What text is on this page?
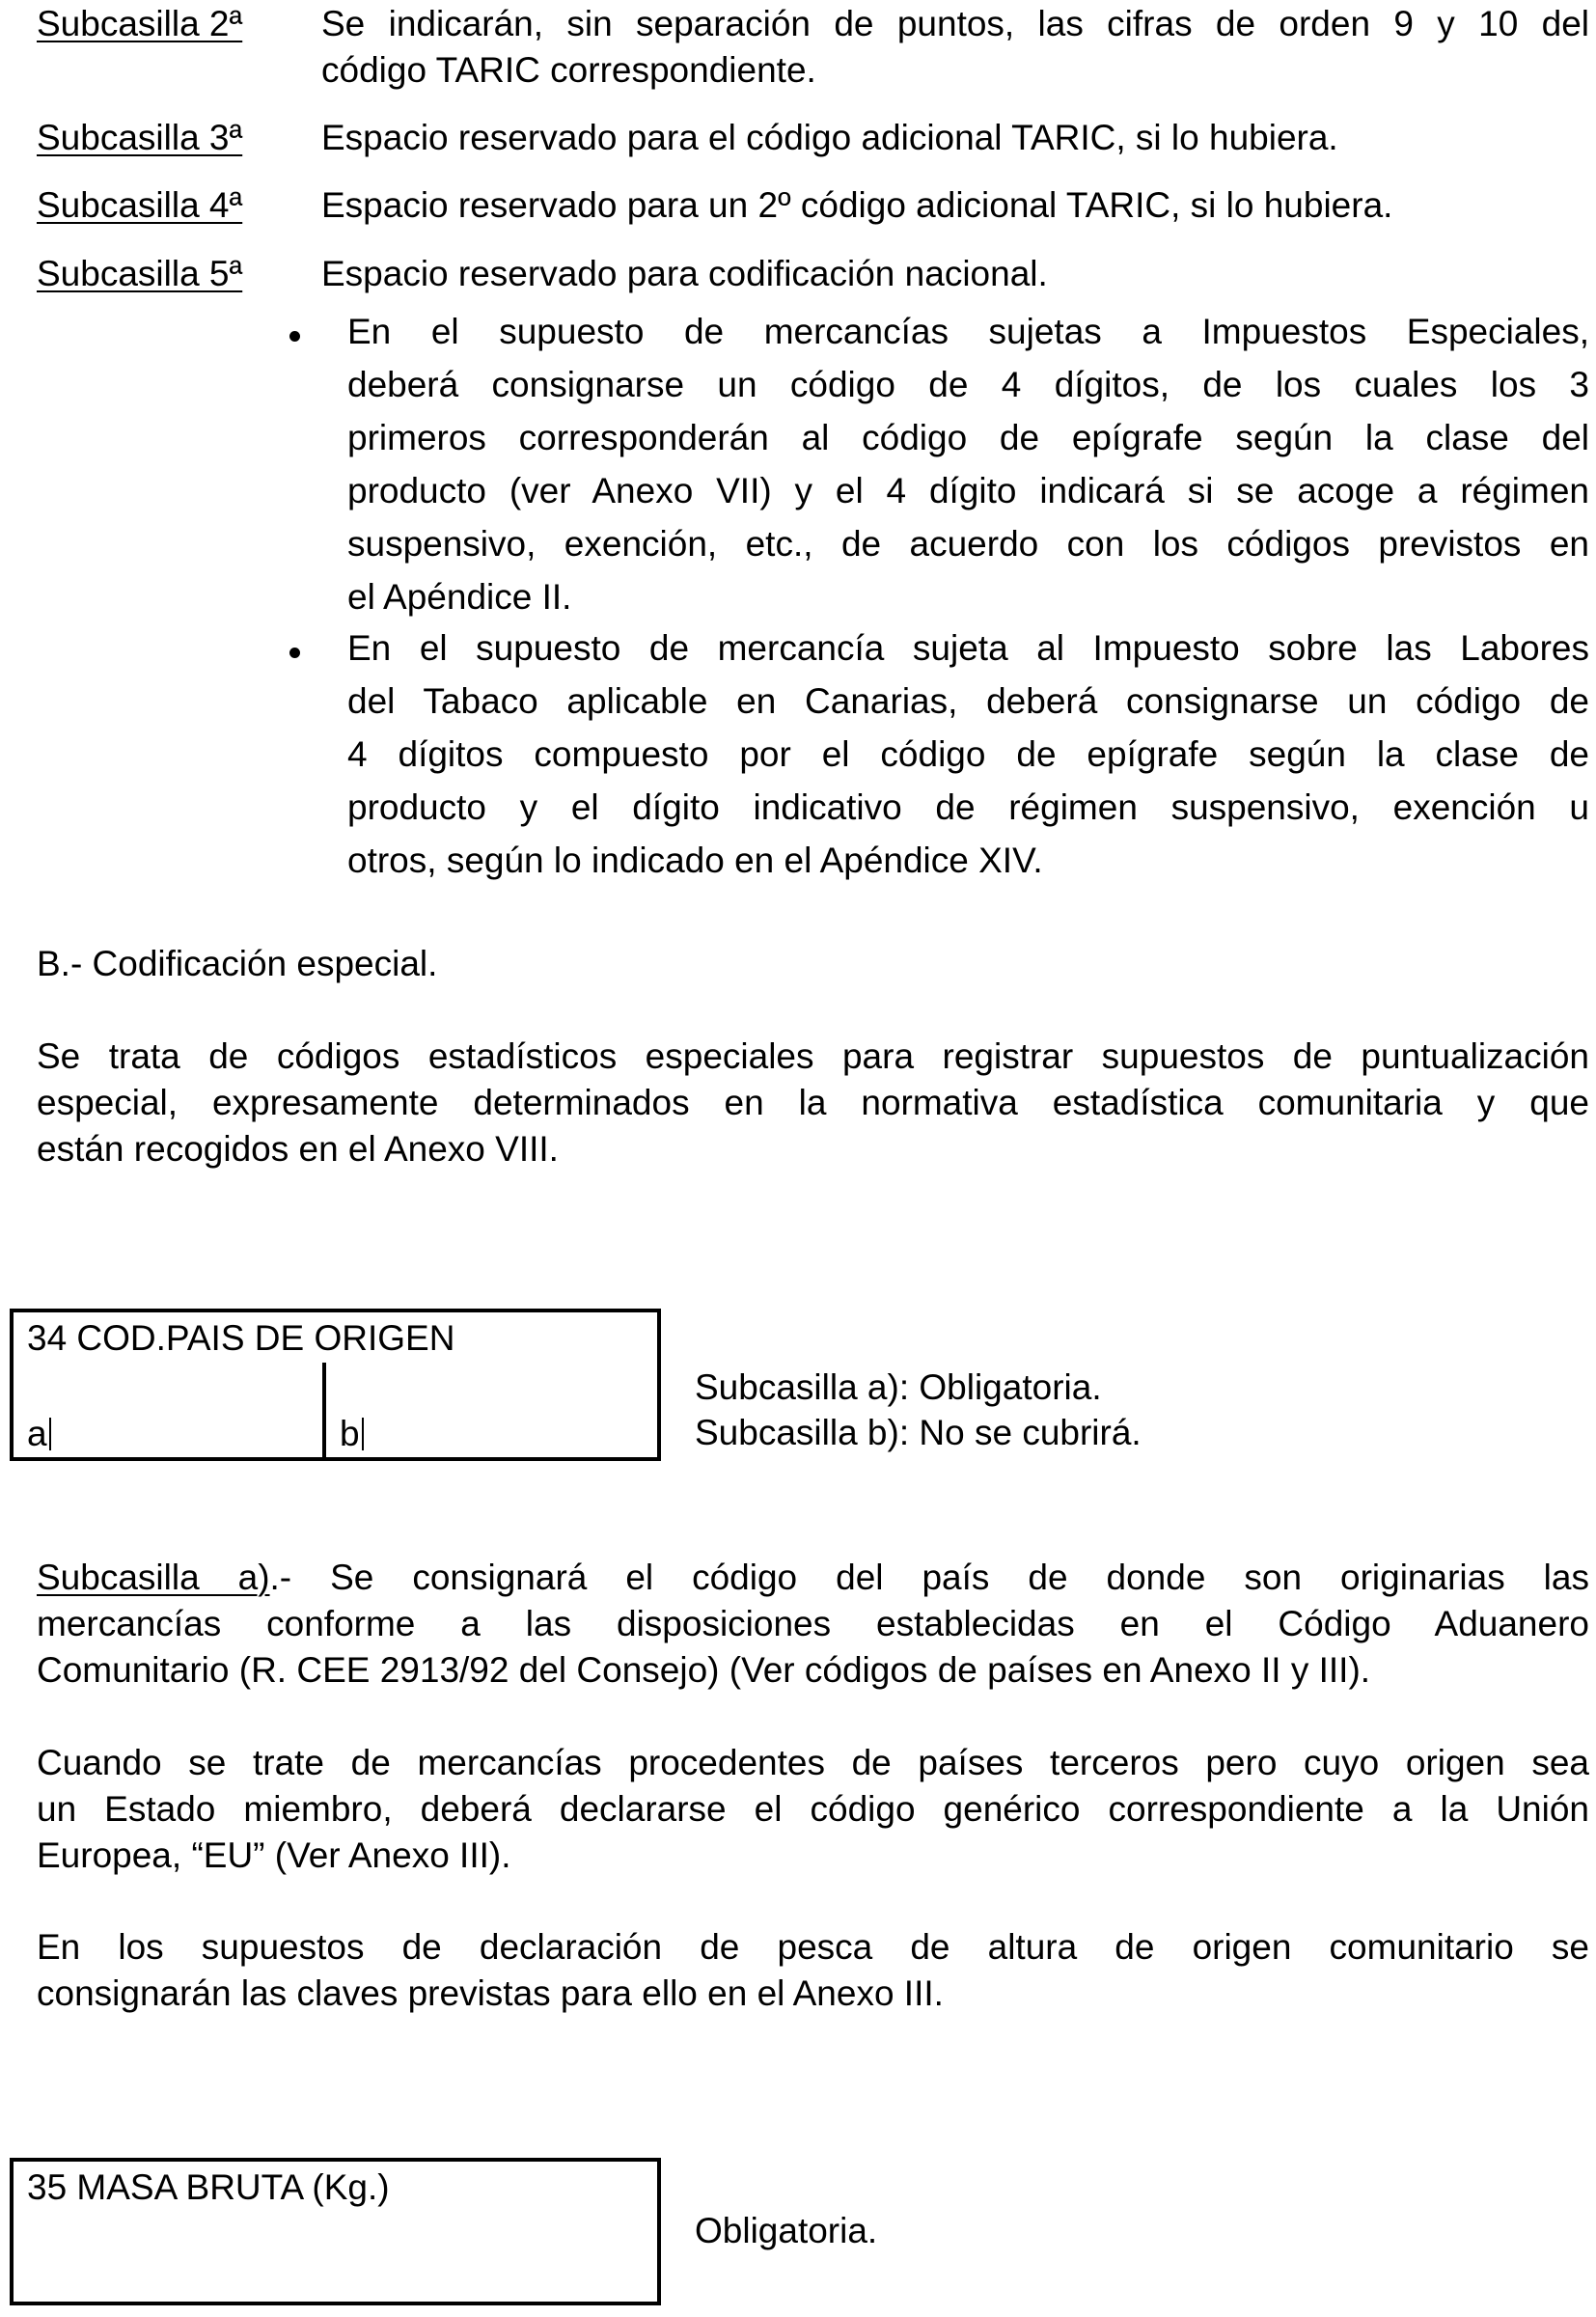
Subcasilla 2ª Se indicarán, sin separación de puntos, las cifras de orden 9 y 10 del
código TARIC correspondiente.
Subcasilla 3ª Espacio reservado para el código adicional TARIC, si lo hubiera.
Subcasilla 4ª Espacio reservado para un 2º código adicional TARIC, si lo hubiera.
Subcasilla 5ª Espacio reservado para codificación nacional.
En el supuesto de mercancías sujetas a Impuestos Especiales,
deberá consignarse un código de 4 dígitos, de los cuales los 3
primeros corresponderán al código de epígrafe según la clase del
producto (ver Anexo VII) y el 4 dígito indicará si se acoge a régimen
suspensivo, exención, etc., de acuerdo con los códigos previstos en
el Apéndice II.
En el supuesto de mercancía sujeta al Impuesto sobre las Labores
del Tabaco aplicable en Canarias, deberá consignarse un código de
4 dígitos compuesto por el código de epígrafe según la clase de
producto y el dígito indicativo de régimen suspensivo, exención u
otros, según lo indicado en el Apéndice XIV.
B.- Codificación especial.
Se trata de códigos estadísticos especiales para registrar supuestos de puntualización
especial, expresamente determinados en la normativa estadística comunitaria y que
están recogidos en el Anexo VIII.
34 COD.PAIS DE ORIGEN
a	b
Subcasilla a): Obligatoria.
Subcasilla b): No se cubrirá.
Subcasilla a).- Se consignará el código del país de donde son originarias las
mercancías conforme a las disposiciones establecidas en el Código Aduanero
Comunitario (R. CEE 2913/92 del Consejo) (Ver códigos de países en Anexo II y III).
Cuando se trate de mercancías procedentes de países terceros pero cuyo origen sea
un Estado miembro, deberá declararse el código genérico correspondiente a la Unión
Europea, “EU” (Ver Anexo III).
En los supuestos de declaración de pesca de altura de origen comunitario se
consignarán las claves previstas para ello en el Anexo III.
35 MASA BRUTA (Kg.)
Obligatoria.
